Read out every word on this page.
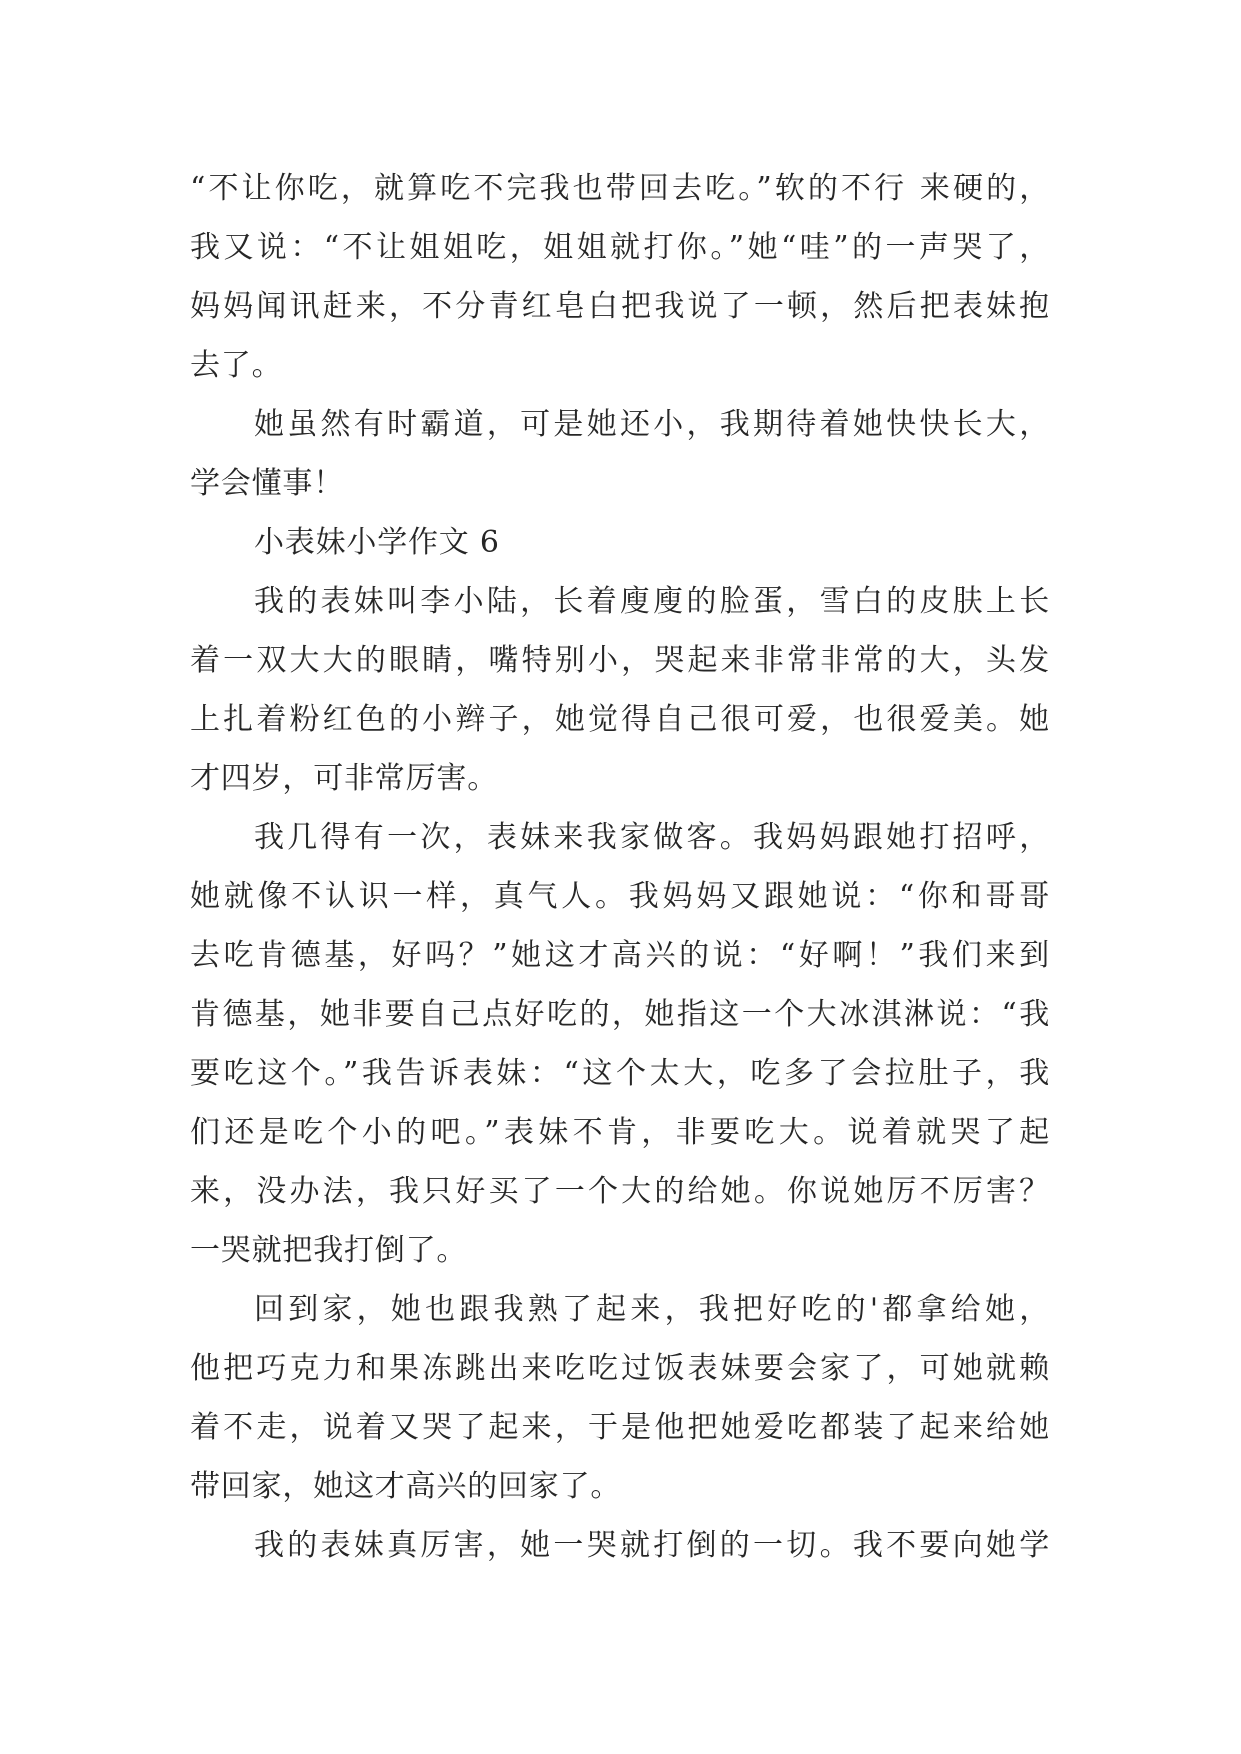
“不让你吃，就算吃不完我也带回去吃。”软的不行 来硬的，
我又说：“不让姐姐吃，姐姐就打你。”她“哇”的一声哭了，
妈妈闻讯赶来，不分青红皂白把我说了一顿，然后把表妹抱
去了。
她虽然有时霸道，可是她还小，我期待着她快快长大，
学会懂事！
小表妹小学作文 6
我的表妹叫李小陆，长着廋廋的脸蛋，雪白的皮肤上长
着一双大大的眼睛，嘴特别小，哭起来非常非常的大，头发
上扎着粉红色的小辫子，她觉得自己很可爱，也很爱美。她
才四岁，可非常厉害。
我几得有一次，表妹来我家做客。我妈妈跟她打招呼，
她就像不认识一样，真气人。我妈妈又跟她说：“你和哥哥
去吃肯德基，好吗？”她这才高兴的说：“好啊！”我们来到
肯德基，她非要自己点好吃的，她指这一个大冰淇淋说：“我
要吃这个。”我告诉表妹：“这个太大，吃多了会拉肚子，我
们还是吃个小的吧。”表妹不肯，非要吃大。说着就哭了起
来，没办法，我只好买了一个大的给她。你说她厉不厉害？
一哭就把我打倒了。
回到家，她也跟我熟了起来，我把好吃的'都拿给她，
他把巧克力和果冻跳出来吃吃过饭表妹要会家了，可她就赖
着不走，说着又哭了起来，于是他把她爱吃都装了起来给她
带回家，她这才高兴的回家了。
我的表妹真厉害，她一哭就打倒的一切。我不要向她学
